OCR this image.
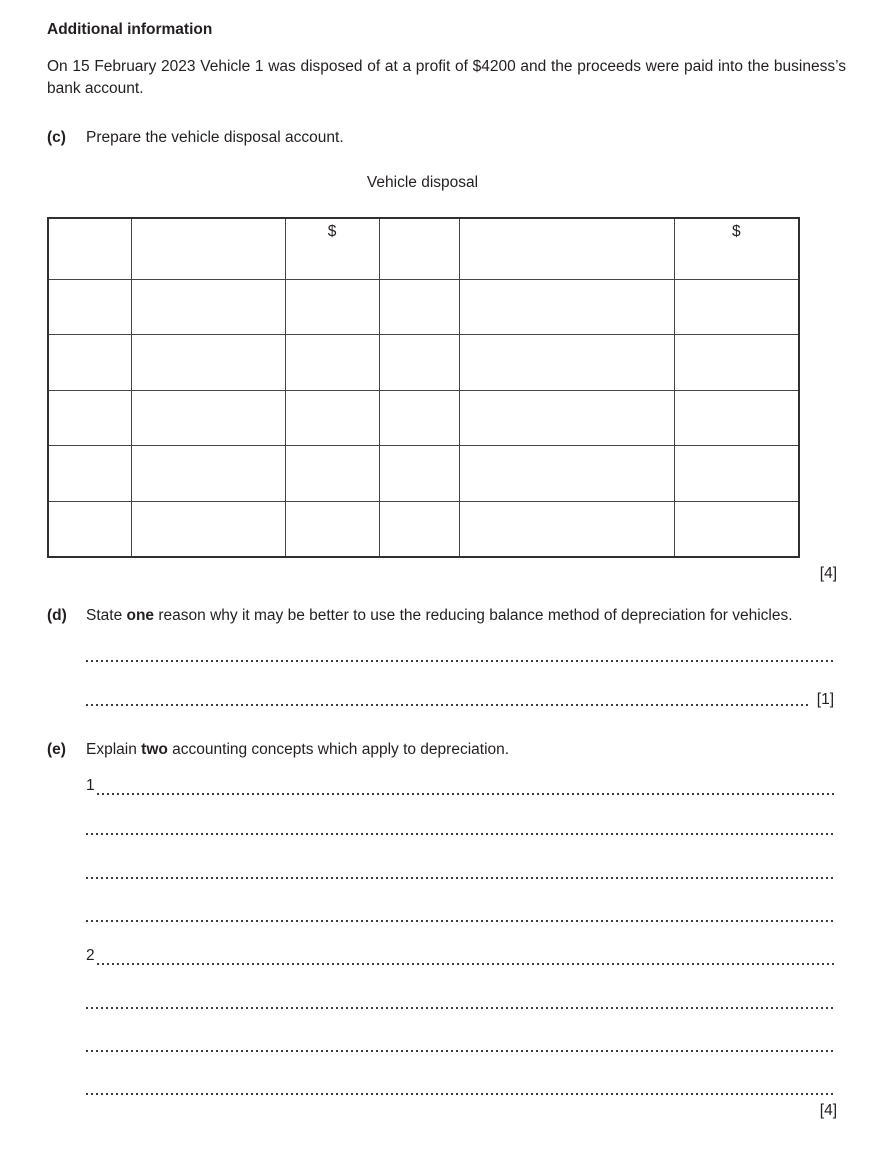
Additional information

On 15 February 2023 Vehicle 1 was disposed of at a profit of $4200 and the proceeds were paid into the business’s bank account.

(c)	Prepare the vehicle disposal account.
Vehicle disposal
		$			$

[4]
(d)	State one reason why it may be better to use the reducing balance method of depreciation for vehicles.
[1]
(e)	Explain two accounting concepts which apply to depreciation.
1
2
[4]
